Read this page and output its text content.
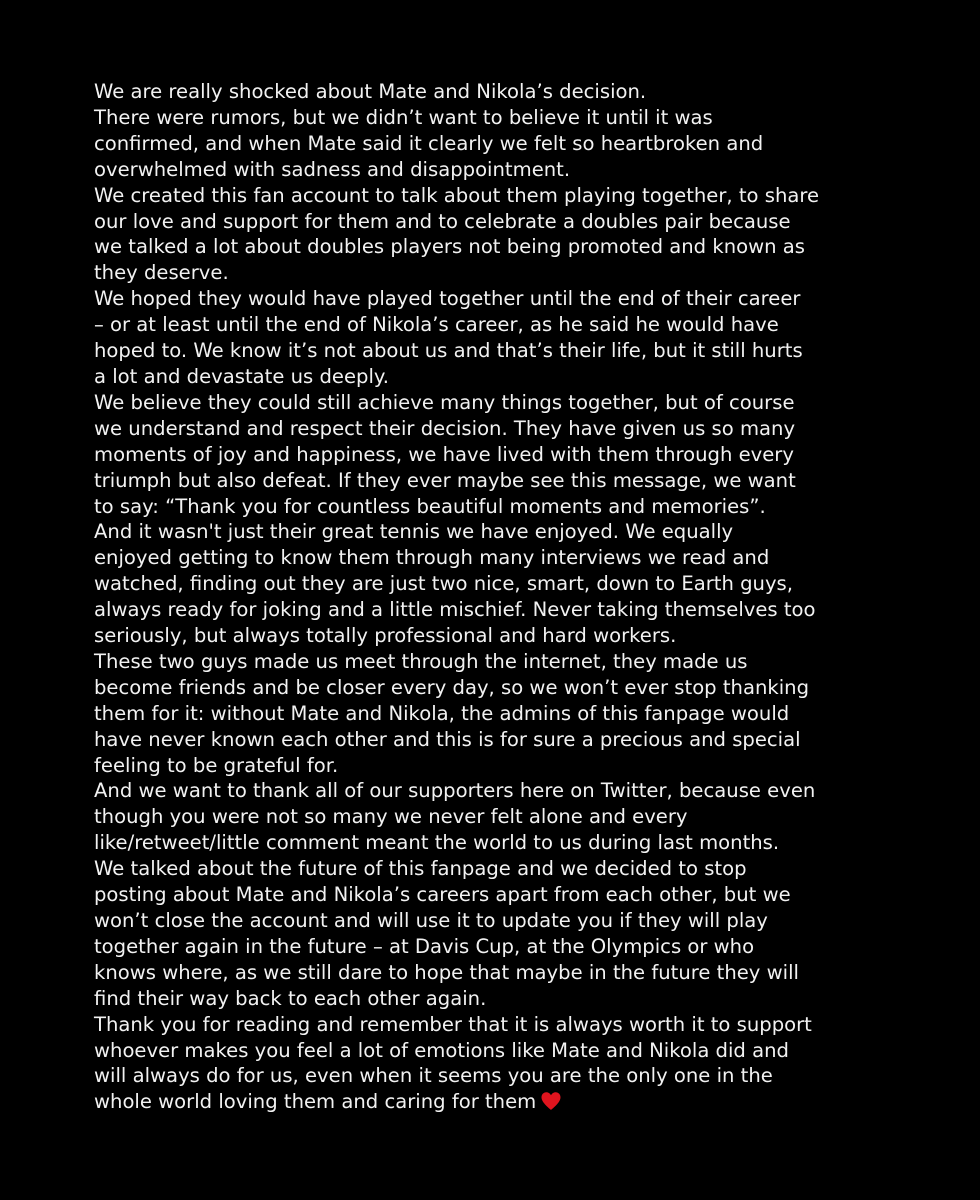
We are really shocked about Mate and Nikola’s decision.
There were rumors, but we didn’t want to believe it until it was
confirmed, and when Mate said it clearly we felt so heartbroken and
overwhelmed with sadness and disappointment.
We created this fan account to talk about them playing together, to share
our love and support for them and to celebrate a doubles pair because
we talked a lot about doubles players not being promoted and known as
they deserve.
We hoped they would have played together until the end of their career
– or at least until the end of Nikola’s career, as he said he would have
hoped to. We know it’s not about us and that’s their life, but it still hurts
a lot and devastate us deeply.
We believe they could still achieve many things together, but of course
we understand and respect their decision. They have given us so many
moments of joy and happiness, we have lived with them through every
triumph but also defeat. If they ever maybe see this message, we want
to say: “Thank you for countless beautiful moments and memories”.
And it wasn't just their great tennis we have enjoyed. We equally
enjoyed getting to know them through many interviews we read and
watched, finding out they are just two nice, smart, down to Earth guys,
always ready for joking and a little mischief. Never taking themselves too
seriously, but always totally professional and hard workers.
These two guys made us meet through the internet, they made us
become friends and be closer every day, so we won’t ever stop thanking
them for it: without Mate and Nikola, the admins of this fanpage would
have never known each other and this is for sure a precious and special
feeling to be grateful for.
And we want to thank all of our supporters here on Twitter, because even
though you were not so many we never felt alone and every
like/retweet/little comment meant the world to us during last months.
We talked about the future of this fanpage and we decided to stop
posting about Mate and Nikola’s careers apart from each other, but we
won’t close the account and will use it to update you if they will play
together again in the future – at Davis Cup, at the Olympics or who
knows where, as we still dare to hope that maybe in the future they will
find their way back to each other again.
Thank you for reading and remember that it is always worth it to support
whoever makes you feel a lot of emotions like Mate and Nikola did and
will always do for us, even when it seems you are the only one in the
whole world loving them and caring for them
